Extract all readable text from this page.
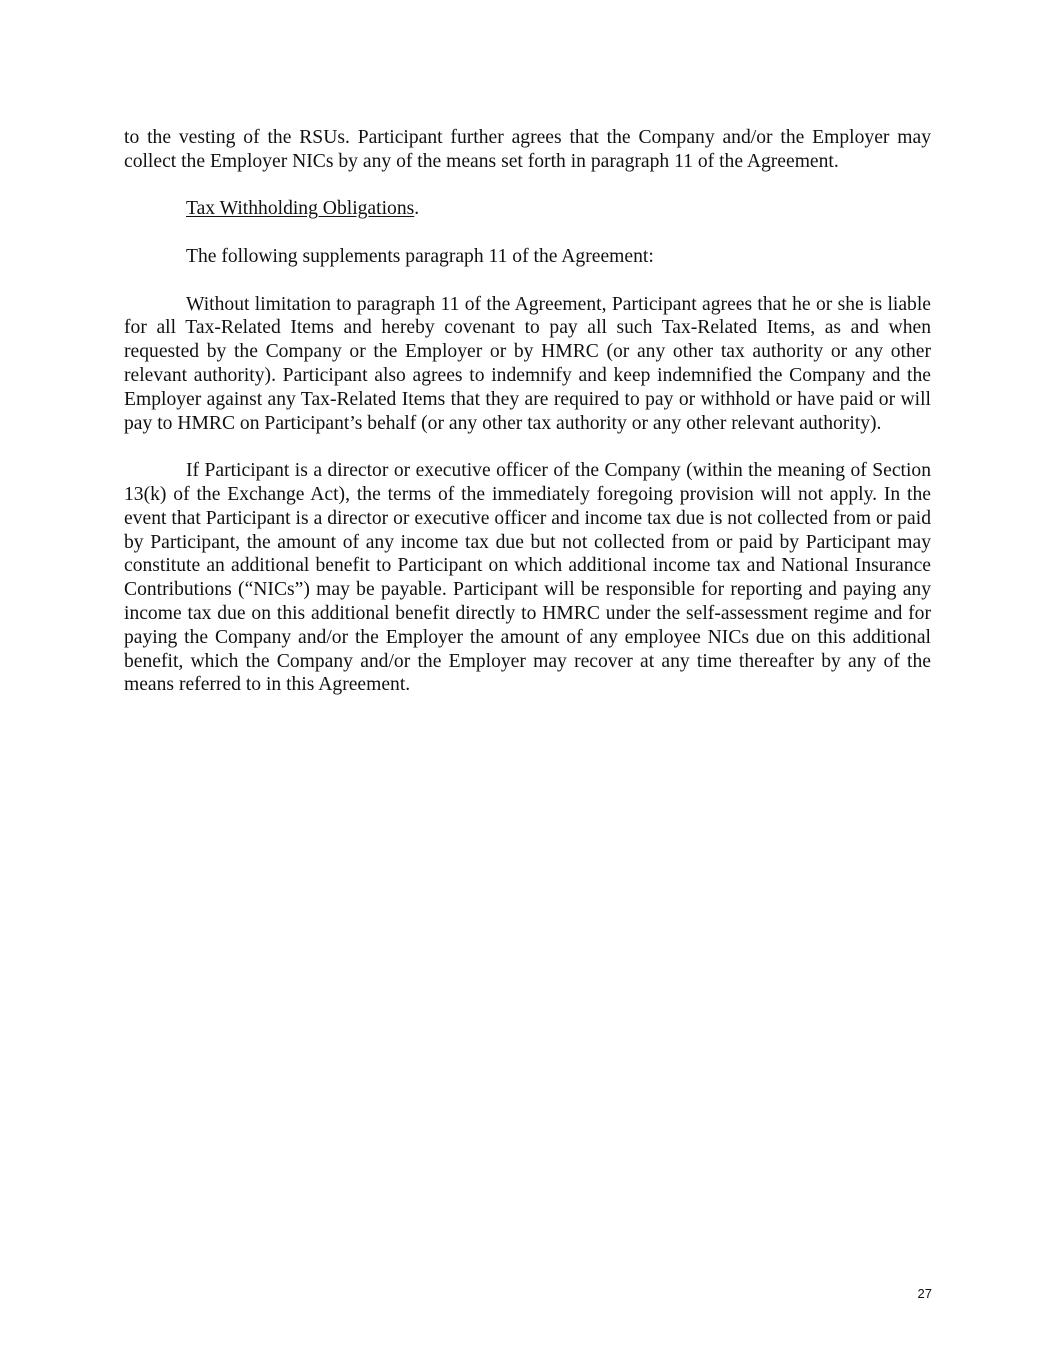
to the vesting of the RSUs. Participant further agrees that the Company and/or the Employer may collect the Employer NICs by any of the means set forth in paragraph 11 of the Agreement.

Tax Withholding Obligations.

The following supplements paragraph 11 of the Agreement:

Without limitation to paragraph 11 of the Agreement, Participant agrees that he or she is liable for all Tax-Related Items and hereby covenant to pay all such Tax-Related Items, as and when requested by the Company or the Employer or by HMRC (or any other tax authority or any other relevant authority). Participant also agrees to indemnify and keep indemnified the Company and the Employer against any Tax-Related Items that they are required to pay or withhold or have paid or will pay to HMRC on Participant’s behalf (or any other tax authority or any other relevant authority).

If Participant is a director or executive officer of the Company (within the meaning of Section 13(k) of the Exchange Act), the terms of the immediately foregoing provision will not apply. In the event that Participant is a director or executive officer and income tax due is not collected from or paid by Participant, the amount of any income tax due but not collected from or paid by Participant may constitute an additional benefit to Participant on which additional income tax and National Insurance Contributions (“NICs”) may be payable. Participant will be responsible for reporting and paying any income tax due on this additional benefit directly to HMRC under the self-assessment regime and for paying the Company and/or the Employer the amount of any employee NICs due on this additional benefit, which the Company and/or the Employer may recover at any time thereafter by any of the means referred to in this Agreement.

27
